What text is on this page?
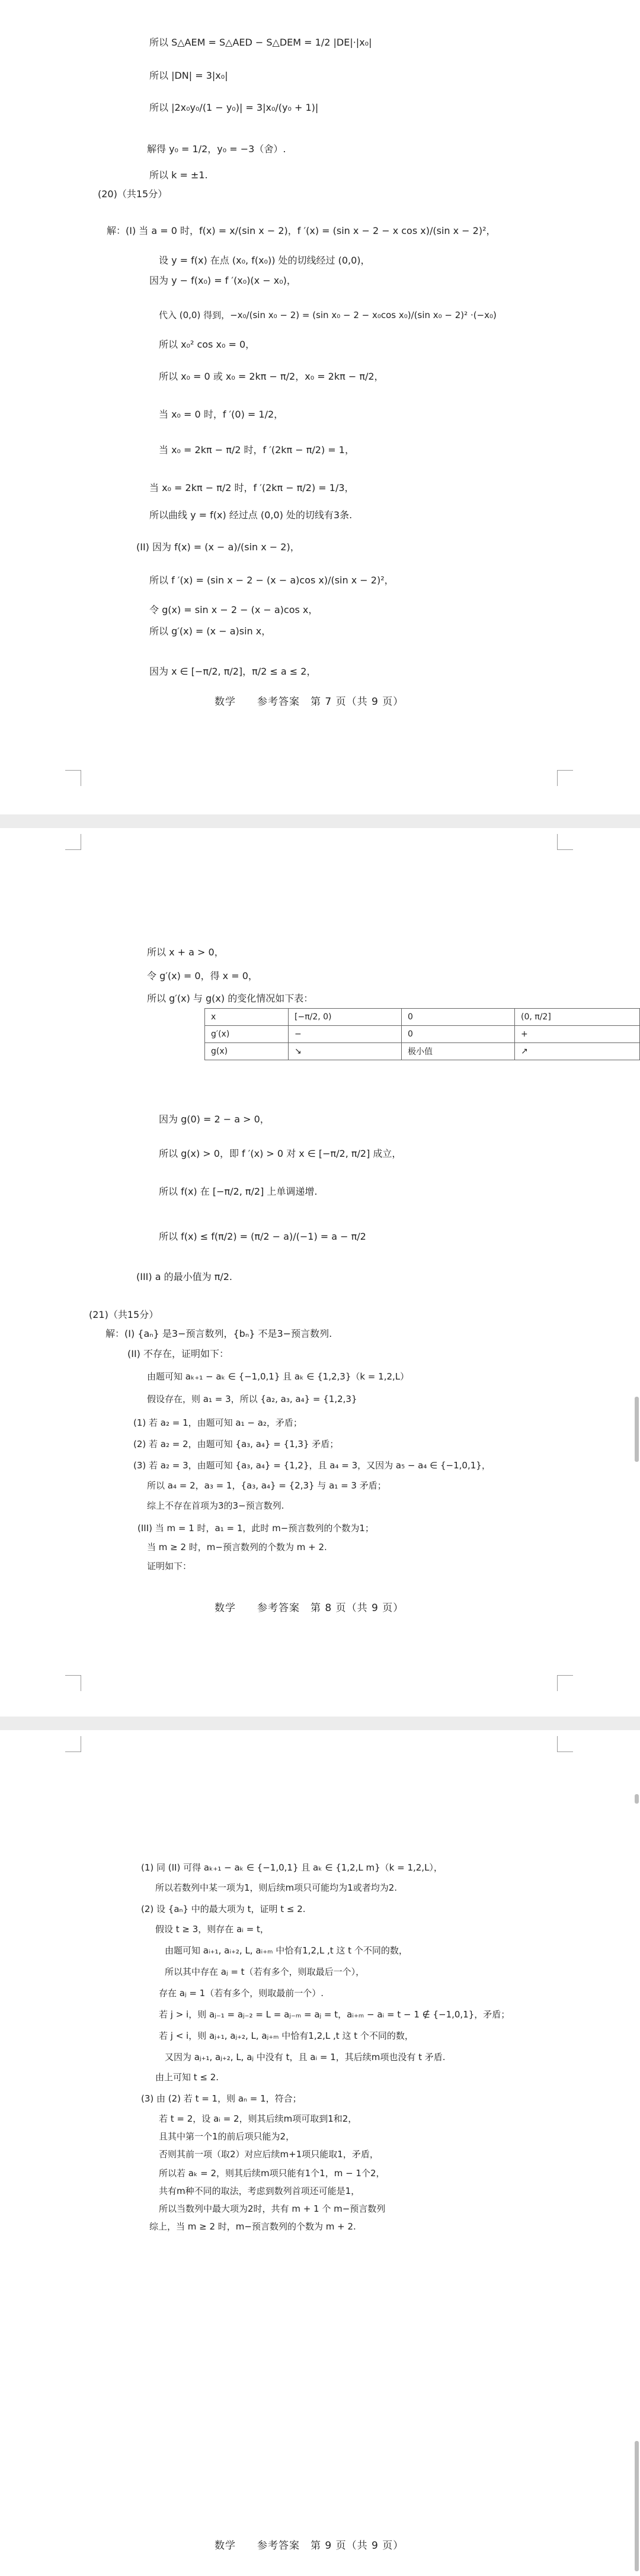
所以 S△AEM = S△AED − S△DEM = 1/2 |DE|·|x₀|
所以 |DN| = 3|x₀|
所以 |2x₀y₀/(1 − y₀)| = 3|x₀/(y₀ + 1)|
解得 y₀ = 1/2，y₀ = −3（舍）.
所以 k = ±1.
(20)（共15分）
解：(I) 当 a = 0 时，f(x) = x/(sin x − 2)，f ′(x) = (sin x − 2 − x cos x)/(sin x − 2)²，
设 y = f(x) 在点 (x₀, f(x₀)) 处的切线经过 (0,0)，
因为 y − f(x₀) = f ′(x₀)(x − x₀)，
代入 (0,0) 得到，−x₀/(sin x₀ − 2) = (sin x₀ − 2 − x₀cos x₀)/(sin x₀ − 2)² ·(−x₀)
所以 x₀² cos x₀ = 0，
所以 x₀ = 0 或 x₀ = 2kπ − π/2，x₀ = 2kπ − π/2，
当 x₀ = 0 时，f ′(0) = 1/2，
当 x₀ = 2kπ − π/2 时，f ′(2kπ − π/2) = 1，
当 x₀ = 2kπ − π/2 时，f ′(2kπ − π/2) = 1/3，
所以曲线 y = f(x) 经过点 (0,0) 处的切线有3条.
(II) 因为 f(x) = (x − a)/(sin x − 2)，
所以 f ′(x) = (sin x − 2 − (x − a)cos x)/(sin x − 2)²，
令 g(x) = sin x − 2 − (x − a)cos x，
所以 g′(x) = (x − a)sin x，
因为 x ∈ [−π/2, π/2]，π/2 ≤ a ≤ 2，
数学　　参考答案　第 7 页（共 9 页）
所以 x + a > 0，
令 g′(x) = 0，得 x = 0，
所以 g′(x) 与 g(x) 的变化情况如下表：
x	[−π/2, 0)	0	(0, π/2]
g′(x)	−	0	+
g(x)	↘	极小值	↗
因为 g(0) = 2 − a > 0，
所以 g(x) > 0，即 f ′(x) > 0 对 x ∈ [−π/2, π/2] 成立，
所以 f(x) 在 [−π/2, π/2] 上单调递增.
所以 f(x) ≤ f(π/2) = (π/2 − a)/(−1) = a − π/2
(III) a 的最小值为 π/2.
(21)（共15分）
解：(I) {aₙ} 是3−预言数列，{bₙ} 不是3−预言数列.
(II) 不存在，证明如下：
由题可知 aₖ₊₁ − aₖ ∈ {−1,0,1} 且 aₖ ∈ {1,2,3}（k = 1,2,L）
假设存在，则 a₁ = 3，所以 {a₂, a₃, a₄} = {1,2,3}
(1) 若 a₂ = 1，由题可知 a₁ − a₂，矛盾；
(2) 若 a₂ = 2，由题可知 {a₃, a₄} = {1,3} 矛盾；
(3) 若 a₂ = 3，由题可知 {a₃, a₄} = {1,2}，且 a₄ = 3，又因为 a₅ − a₄ ∈ {−1,0,1}，
所以 a₄ = 2，a₃ = 1，{a₃, a₄} = {2,3} 与 a₁ = 3 矛盾；
综上不存在首项为3的3−预言数列.
(III) 当 m = 1 时，a₁ = 1，此时 m−预言数列的个数为1；
当 m ≥ 2 时，m−预言数列的个数为 m + 2.
证明如下：
数学　　参考答案　第 8 页（共 9 页）
(1) 同 (II) 可得 aₖ₊₁ − aₖ ∈ {−1,0,1} 且 aₖ ∈ {1,2,L m}（k = 1,2,L），
所以若数列中某一项为1，则后续m项只可能均为1或者均为2.
(2) 设 {aₙ} 中的最大项为 t，证明 t ≤ 2.
假设 t ≥ 3，则存在 aᵢ = t，
由题可知 aᵢ₊₁, aᵢ₊₂, L, aᵢ₊ₘ 中恰有1,2,L ,t 这 t 个不同的数，
所以其中存在 aⱼ = t（若有多个，则取最后一个），
存在 aⱼ = 1（若有多个，则取最前一个）.
若 j > i，则 aⱼ₋₁ = aⱼ₋₂ = L = aⱼ₋ₘ = aⱼ = t，aᵢ₊ₘ − aᵢ = t − 1 ∉ {−1,0,1}，矛盾；
若 j < i，则 aⱼ₊₁, aⱼ₊₂, L, aⱼ₊ₘ 中恰有1,2,L ,t 这 t 个不同的数，
又因为 aⱼ₊₁, aⱼ₊₂, L, aⱼ 中没有 t，且 aᵢ = 1，其后续m项也没有 t 矛盾.
由上可知 t ≤ 2.
(3) 由 (2) 若 t = 1，则 aₙ = 1，符合；
若 t = 2，设 aᵢ = 2，则其后续m项可取到1和2，
且其中第一个1的前后项只能为2，
否则其前一项（取2）对应后续m+1项只能取1，矛盾，
所以若 aₖ = 2，则其后续m项只能有1个1，m − 1个2，
共有m种不同的取法，考虑到数列首项还可能是1，
所以当数列中最大项为2时，共有 m + 1 个 m−预言数列
综上，当 m ≥ 2 时，m−预言数列的个数为 m + 2.
数学　　参考答案　第 9 页（共 9 页）
